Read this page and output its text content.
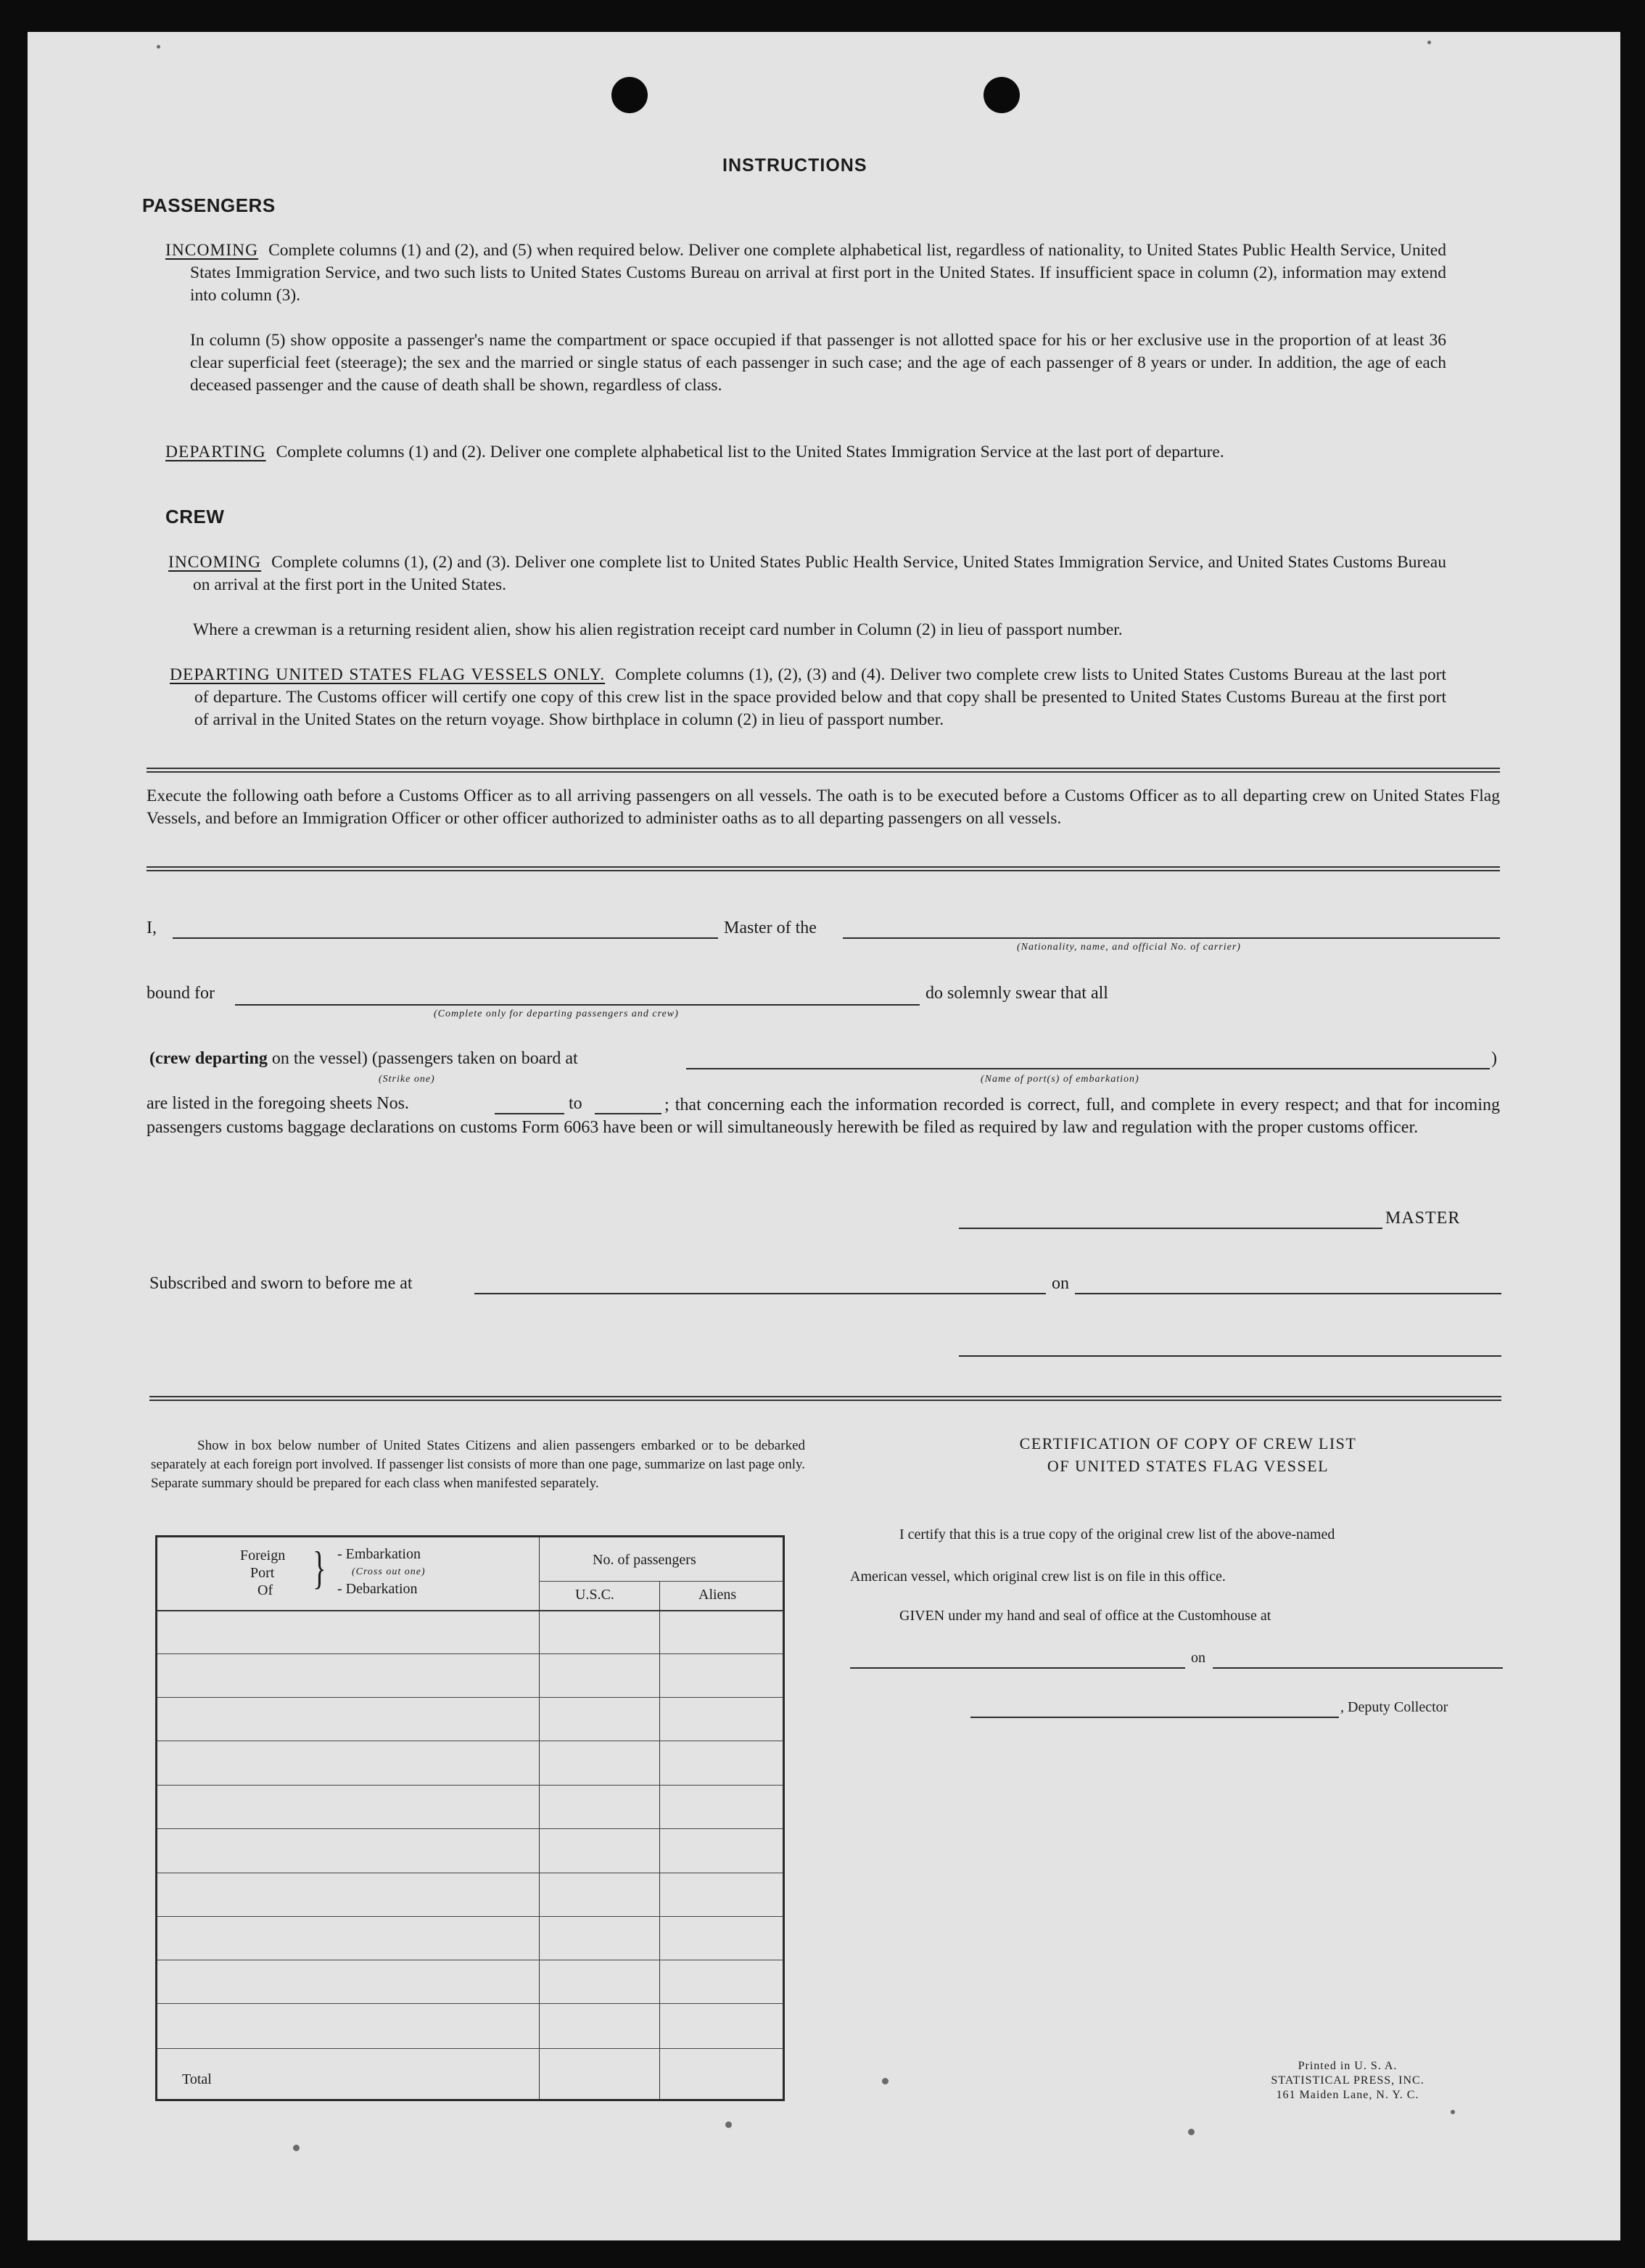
INSTRUCTIONS
PASSENGERS
INCOMING Complete columns (1) and (2), and (5) when required below. Deliver one complete alphabetical list, regardless of nationality, to United States Public Health Service, United States Immigration Service, and two such lists to United States Customs Bureau on arrival at first port in the United States. If insufficient space in column (2), information may extend into column (3).
In column (5) show opposite a passenger's name the compartment or space occupied if that passenger is not allotted space for his or her exclusive use in the proportion of at least 36 clear superficial feet (steerage); the sex and the married or single status of each passenger in such case; and the age of each passenger of 8 years or under. In addition, the age of each deceased passenger and the cause of death shall be shown, regardless of class.
DEPARTING Complete columns (1) and (2). Deliver one complete alphabetical list to the United States Immigration Service at the last port of departure.
CREW
INCOMING Complete columns (1), (2) and (3). Deliver one complete list to United States Public Health Service, United States Immigration Service, and United States Customs Bureau on arrival at the first port in the United States.
Where a crewman is a returning resident alien, show his alien registration receipt card number in Column (2) in lieu of passport number.
DEPARTING UNITED STATES FLAG VESSELS ONLY. Complete columns (1), (2), (3) and (4). Deliver two complete crew lists to United States Customs Bureau at the last port of departure. The Customs officer will certify one copy of this crew list in the space provided below and that copy shall be presented to United States Customs Bureau at the first port of arrival in the United States on the return voyage. Show birthplace in column (2) in lieu of passport number.
Execute the following oath before a Customs Officer as to all arriving passengers on all vessels. The oath is to be executed before a Customs Officer as to all departing crew on United States Flag Vessels, and before an Immigration Officer or other officer authorized to administer oaths as to all departing passengers on all vessels.
I,	Master of the
(Nationality, name, and official No. of carrier)
bound for
(Complete only for departing passengers and crew)
do solemnly swear that all
(crew departing on the vessel) (passengers taken on board at	)
(Strike one)	(Name of port(s) of embarkation)
are listed in the foregoing sheets Nos.	to	; that concerning each the information recorded is correct, full, and complete in every respect; and that for incoming passengers customs baggage declarations on customs Form 6063 have been or will simultaneously herewith be filed as required by law and regulation with the proper customs officer.
MASTER
Subscribed and sworn to before me at	on
Show in box below number of United States Citizens and alien passengers embarked or to be debarked separately at each foreign port involved. If passenger list consists of more than one page, summarize on last page only. Separate summary should be prepared for each class when manifested separately.
Foreign
Port
Of } - Embarkation
(Cross out one)
- Debarkation
No. of passengers
U.S.C.	Aliens
Total
CERTIFICATION OF COPY OF CREW LIST
OF UNITED STATES FLAG VESSEL
I certify that this is a true copy of the original crew list of the above-named
American vessel, which original crew list is on file in this office.
GIVEN under my hand and seal of office at the Customhouse at
on
, Deputy Collector
Printed in U. S. A.
STATISTICAL PRESS, INC.
161 Maiden Lane, N. Y. C.
